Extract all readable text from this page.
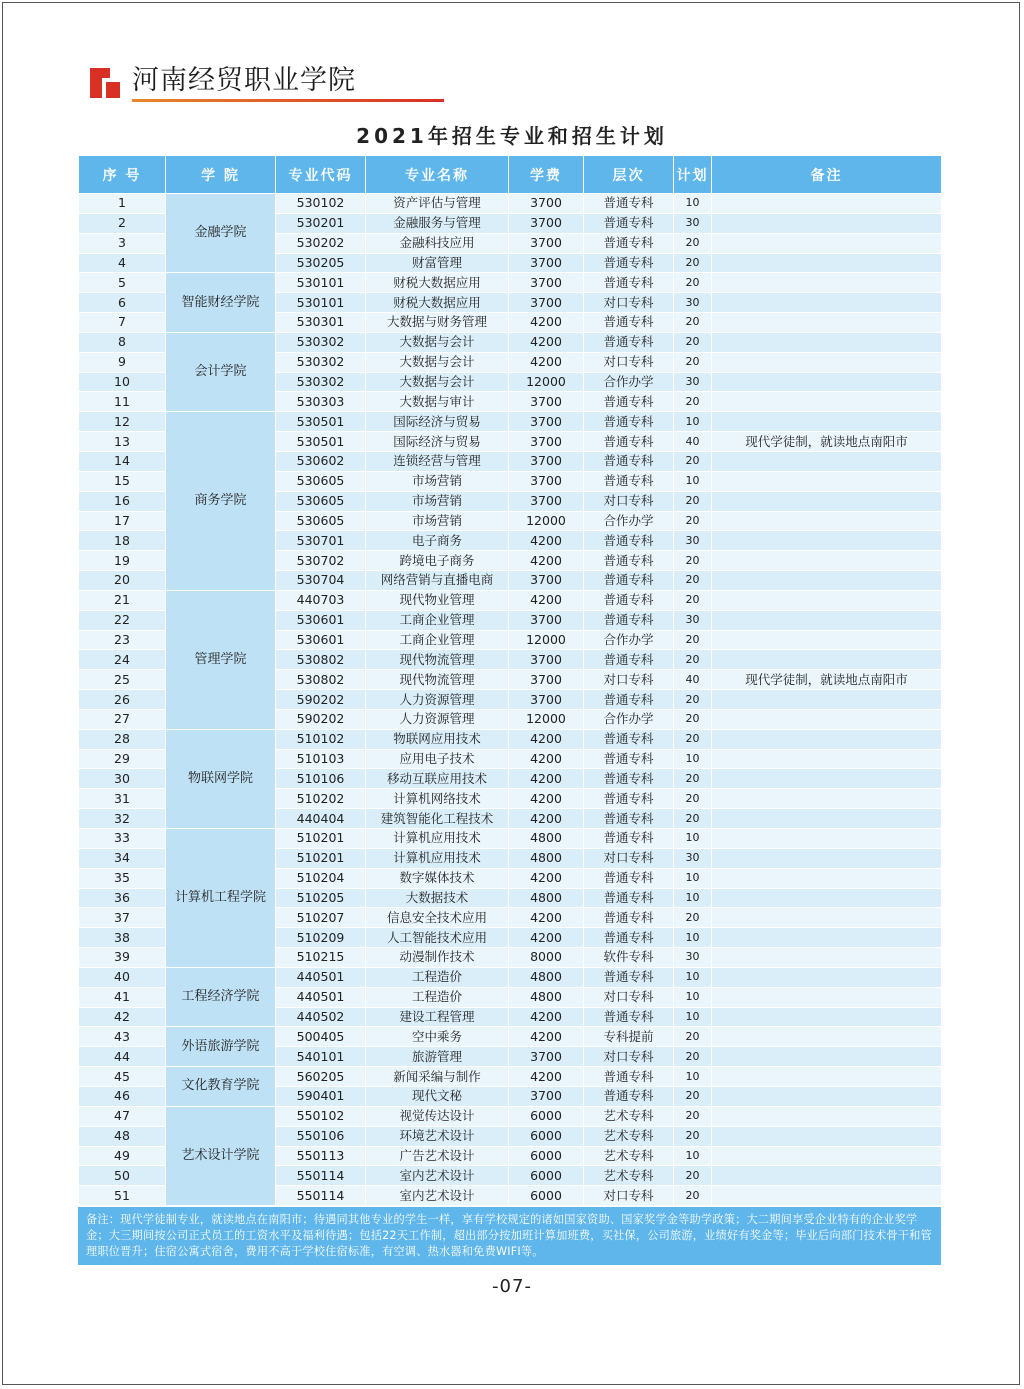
河南经贸职业学院
2021年招生专业和招生计划
序 号	学 院	专业代码	专业名称	学费	层次	计划	备注
1	金融学院	530102	资产评估与管理	3700	普通专科	10	
2		530201	金融服务与管理	3700	普通专科	30	
3		530202	金融科技应用	3700	普通专科	20	
4		530205	财富管理	3700	普通专科	20	
5	智能财经学院	530101	财税大数据应用	3700	普通专科	20	
6		530101	财税大数据应用	3700	对口专科	30	
7		530301	大数据与财务管理	4200	普通专科	20	
8	会计学院	530302	大数据与会计	4200	普通专科	20	
9		530302	大数据与会计	4200	对口专科	20	
10		530302	大数据与会计	12000	合作办学	30	
11		530303	大数据与审计	3700	普通专科	20	
12	商务学院	530501	国际经济与贸易	3700	普通专科	10	
13		530501	国际经济与贸易	3700	普通专科	40	现代学徒制，就读地点南阳市
14		530602	连锁经营与管理	3700	普通专科	20	
15		530605	市场营销	3700	普通专科	10	
16		530605	市场营销	3700	对口专科	20	
17		530605	市场营销	12000	合作办学	20	
18		530701	电子商务	4200	普通专科	30	
19		530702	跨境电子商务	4200	普通专科	20	
20		530704	网络营销与直播电商	3700	普通专科	20	
21	管理学院	440703	现代物业管理	4200	普通专科	20	
22		530601	工商企业管理	3700	普通专科	30	
23		530601	工商企业管理	12000	合作办学	20	
24		530802	现代物流管理	3700	普通专科	20	
25		530802	现代物流管理	3700	对口专科	40	现代学徒制，就读地点南阳市
26		590202	人力资源管理	3700	普通专科	20	
27		590202	人力资源管理	12000	合作办学	20	
28	物联网学院	510102	物联网应用技术	4200	普通专科	20	
29		510103	应用电子技术	4200	普通专科	10	
30		510106	移动互联应用技术	4200	普通专科	20	
31		510202	计算机网络技术	4200	普通专科	20	
32		440404	建筑智能化工程技术	4200	普通专科	20	
33	计算机工程学院	510201	计算机应用技术	4800	普通专科	10	
34		510201	计算机应用技术	4800	对口专科	30	
35		510204	数字媒体技术	4200	普通专科	10	
36		510205	大数据技术	4800	普通专科	10	
37		510207	信息安全技术应用	4200	普通专科	20	
38		510209	人工智能技术应用	4200	普通专科	10	
39		510215	动漫制作技术	8000	软件专科	30	
40	工程经济学院	440501	工程造价	4800	普通专科	10	
41		440501	工程造价	4800	对口专科	10	
42		440502	建设工程管理	4200	普通专科	10	
43	外语旅游学院	500405	空中乘务	4200	专科提前	20	
44		540101	旅游管理	3700	对口专科	20	
45	文化教育学院	560205	新闻采编与制作	4200	普通专科	10	
46		590401	现代文秘	3700	普通专科	20	
47	艺术设计学院	550102	视觉传达设计	6000	艺术专科	20	
48		550106	环境艺术设计	6000	艺术专科	20	
49		550113	广告艺术设计	6000	艺术专科	10	
50		550114	室内艺术设计	6000	艺术专科	20	
51		550114	室内艺术设计	6000	对口专科	20	
备注：现代学徒制专业，就读地点在南阳市；待遇同其他专业的学生一样，享有学校规定的诸如国家资助、国家奖学金等助学政策；大二期间享受企业特有的企业奖学金；大三期间按公司正式员工的工资水平及福利待遇；包括22天工作制，超出部分按加班计算加班费，买社保，公司旅游，业绩好有奖金等；毕业后向部门技术骨干和管理职位晋升；住宿公寓式宿舍，费用不高于学校住宿标准，有空调、热水器和免费WIFI等。
-07-
